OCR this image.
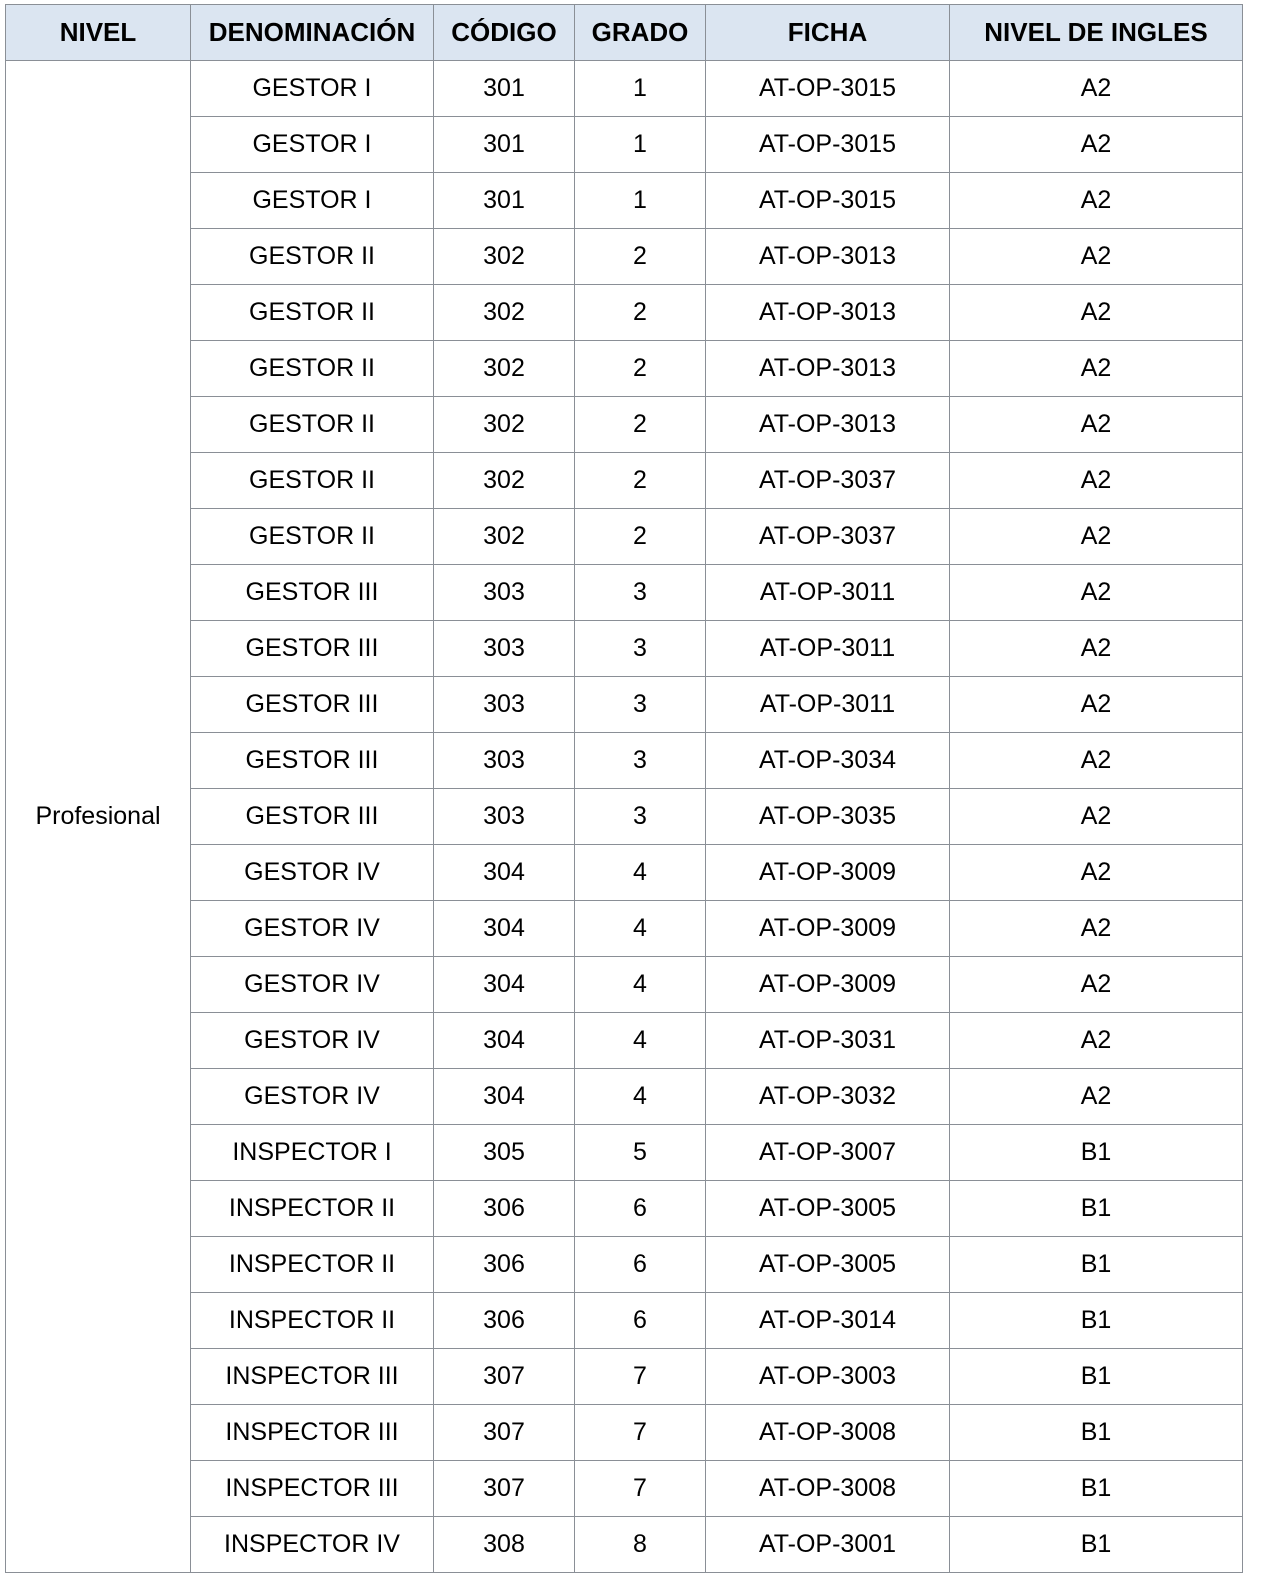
NIVEL	DENOMINACIÓN	CÓDIGO	GRADO	FICHA	NIVEL DE INGLES
Profesional	GESTOR I	301	1	AT-OP-3015	A2
	GESTOR I	301	1	AT-OP-3015	A2
	GESTOR I	301	1	AT-OP-3015	A2
	GESTOR II	302	2	AT-OP-3013	A2
	GESTOR II	302	2	AT-OP-3013	A2
	GESTOR II	302	2	AT-OP-3013	A2
	GESTOR II	302	2	AT-OP-3013	A2
	GESTOR II	302	2	AT-OP-3037	A2
	GESTOR II	302	2	AT-OP-3037	A2
	GESTOR III	303	3	AT-OP-3011	A2
	GESTOR III	303	3	AT-OP-3011	A2
	GESTOR III	303	3	AT-OP-3011	A2
	GESTOR III	303	3	AT-OP-3034	A2
	GESTOR III	303	3	AT-OP-3035	A2
	GESTOR IV	304	4	AT-OP-3009	A2
	GESTOR IV	304	4	AT-OP-3009	A2
	GESTOR IV	304	4	AT-OP-3009	A2
	GESTOR IV	304	4	AT-OP-3031	A2
	GESTOR IV	304	4	AT-OP-3032	A2
	INSPECTOR I	305	5	AT-OP-3007	B1
	INSPECTOR II	306	6	AT-OP-3005	B1
	INSPECTOR II	306	6	AT-OP-3005	B1
	INSPECTOR II	306	6	AT-OP-3014	B1
	INSPECTOR III	307	7	AT-OP-3003	B1
	INSPECTOR III	307	7	AT-OP-3008	B1
	INSPECTOR III	307	7	AT-OP-3008	B1
	INSPECTOR IV	308	8	AT-OP-3001	B1
